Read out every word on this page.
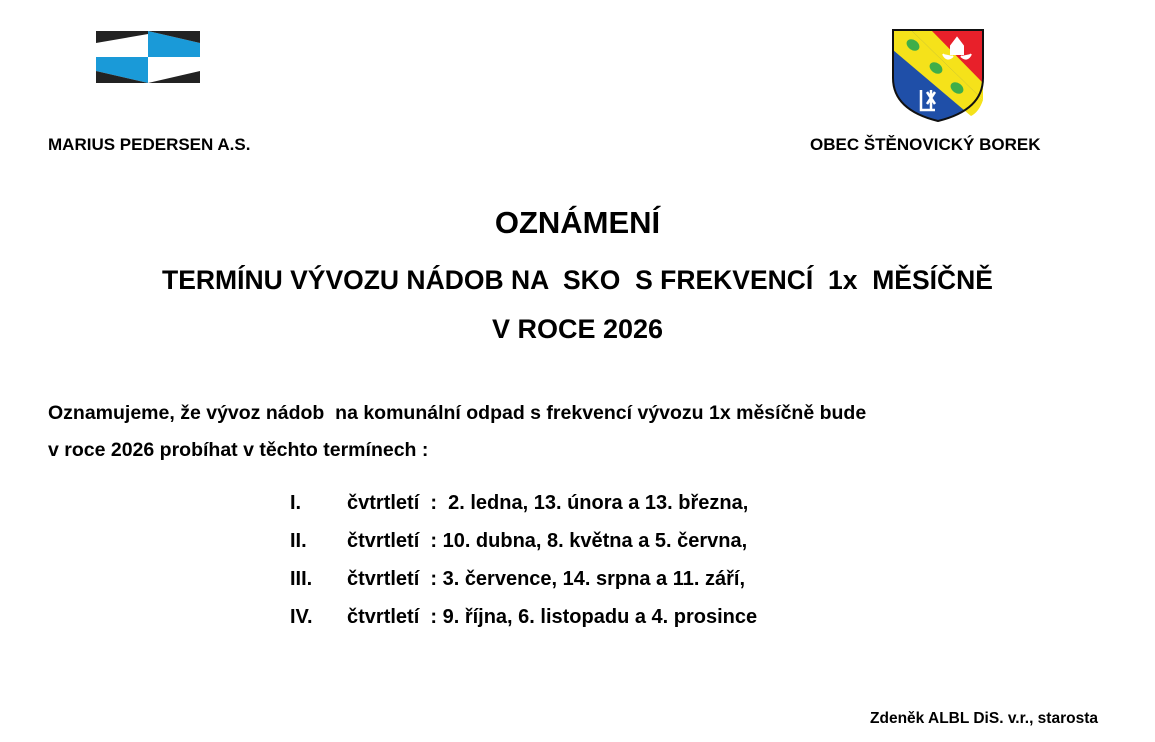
MARIUS PEDERSEN A.S.	OBEC ŠTĚNOVICKÝ BOREK
OZNÁMENÍ
TERMÍNU VÝVOZU NÁDOB NA  SKO  S FREKVENCÍ  1x  MĚSÍČNĚ
V ROCE 2026
Oznamujeme, že vývoz nádob  na komunální odpad s frekvencí vývozu 1x měsíčně bude
v roce 2026 probíhat v těchto termínech :
I. čvtrtletí  :  2. ledna, 13. února a 13. března,
II. čtvrtletí  : 10. dubna, 8. května a 5. června,
III. čtvrtletí  : 3. července, 14. srpna a 11. září,
IV. čtvrtletí  : 9. října, 6. listopadu a 4. prosince
Zdeněk ALBL DiS. v.r., starosta
